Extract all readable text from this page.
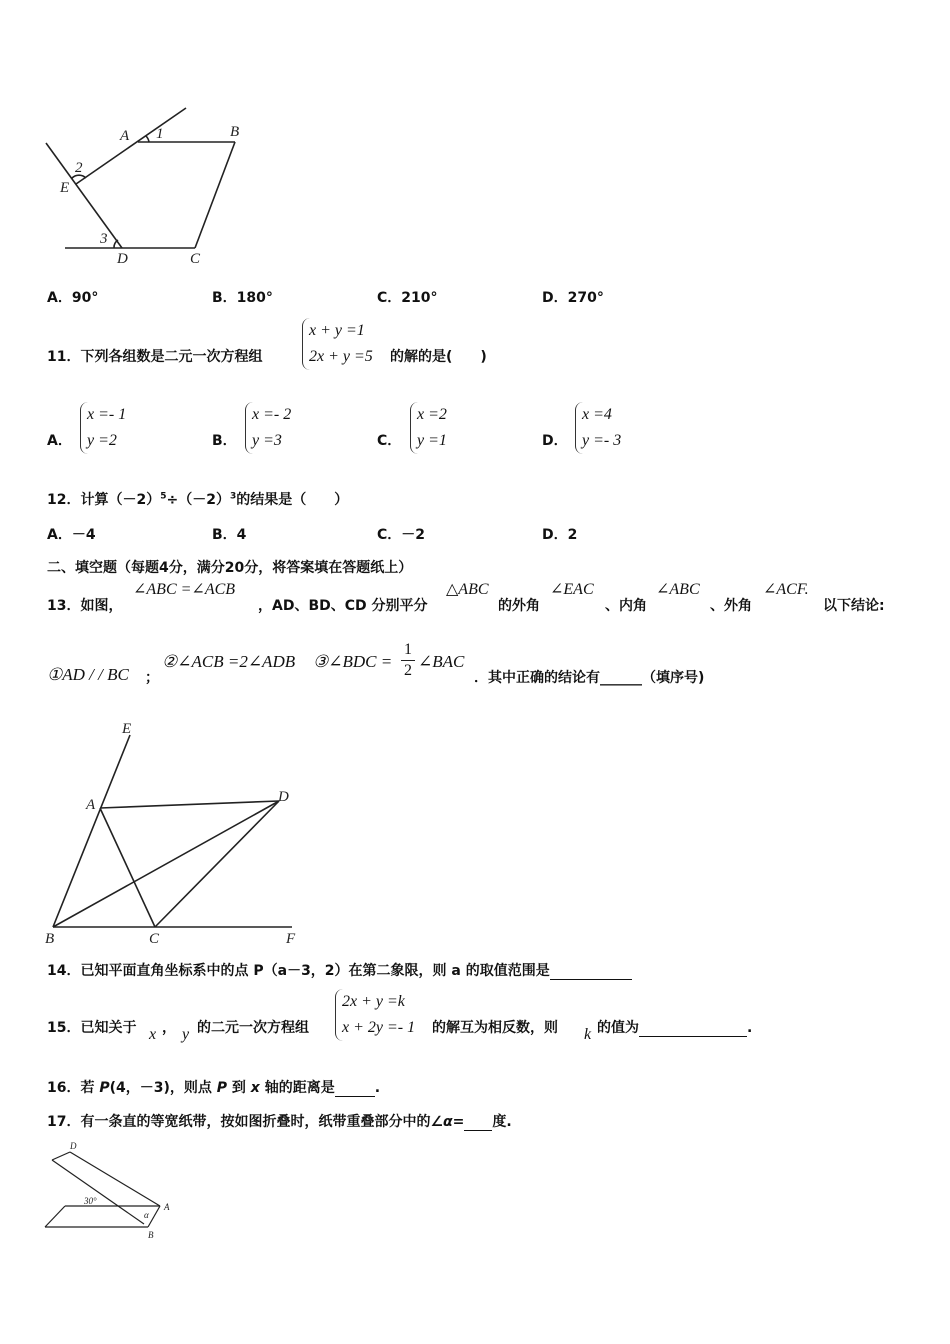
A 1	B
2
E
3
D	C
A．90°	B．180°	C．210°	D．270°
11．下列各组数是二元一次方程组
x + y =1
2x + y =5 的解的是(　　)
A．
x =- 1
y =2	B．
x =- 2
y =3	C．
x =2
y =1	D．
x =4
y =- 3
12．计算$(-2)^5\div(-2)^3$的结果是（　　）
A．－4	B．4	C．－2	D．2
二、填空题（每题4分，满分20分，将答案填在答题纸上）
13．如图，
∠ABC =∠ACB
，AD、BD、CD 分别平分
△ABC
的外角
∠EAC
、内角
∠ABC
、外角
∠ACF.
以下结论:
①AD / / BC ；
②∠ACB =2∠ADB ③∠BDC = $\frac{1}{2}$ ∠BAC
．其中正确的结论有______（填序号)
E
A	D
B	C	F
14．已知平面直角坐标系中的点 P（a－3，2）在第二象限，则 a 的取值范围是
15．已知关于 x ， y 的二元一次方程组
2x + y =k
x + 2y =- 1 的解互为相反数，则 k 的值为	.
16．若 P(4，－3)，则点 P 到 x 轴的距离是	.
17．有一条直的等宽纸带，按如图折叠时，纸带重叠部分中的∠α= 度.
D
30°
α
A
B
